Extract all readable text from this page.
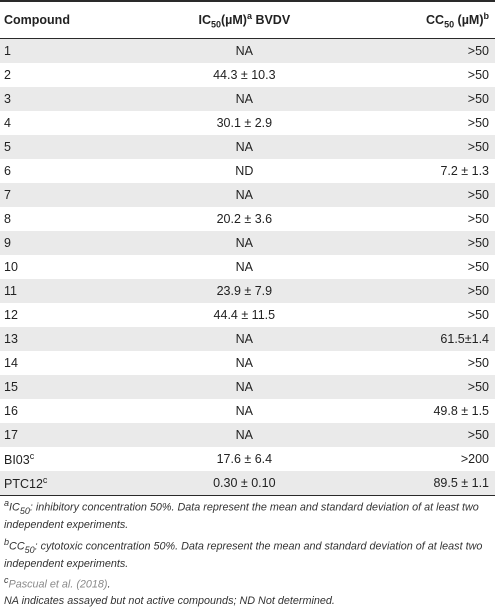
Compound	$IC_{50}(\mu M)^a$ BVDV	$CC_{50}$ $(\mu M)^b$
1	NA	>50
2	44.3 ± 10.3	>50
3	NA	>50
4	30.1 ± 2.9	>50
5	NA	>50
6	ND	7.2 ± 1.3
7	NA	>50
8	20.2 ± 3.6	>50
9	NA	>50
10	NA	>50
11	23.9 ± 7.9	>50
12	44.4 ± 11.5	>50
13	NA	61.5±1.4
14	NA	>50
15	NA	>50
16	NA	49.8 ± 1.5
17	NA	>50
BI03$^c$	17.6 ± 6.4	>200
PTC12$^c$	0.30 ± 0.10	89.5 ± 1.1

$^aIC_{50}$: inhibitory concentration 50%. Data represent the mean and standard deviation of at least two independent experiments.

$^bCC_{50}$: cytotoxic concentration 50%. Data represent the mean and standard deviation of at least two independent experiments.

$^c$Pascual et al. (2018).

NA indicates assayed but not active compounds; ND Not determined.
